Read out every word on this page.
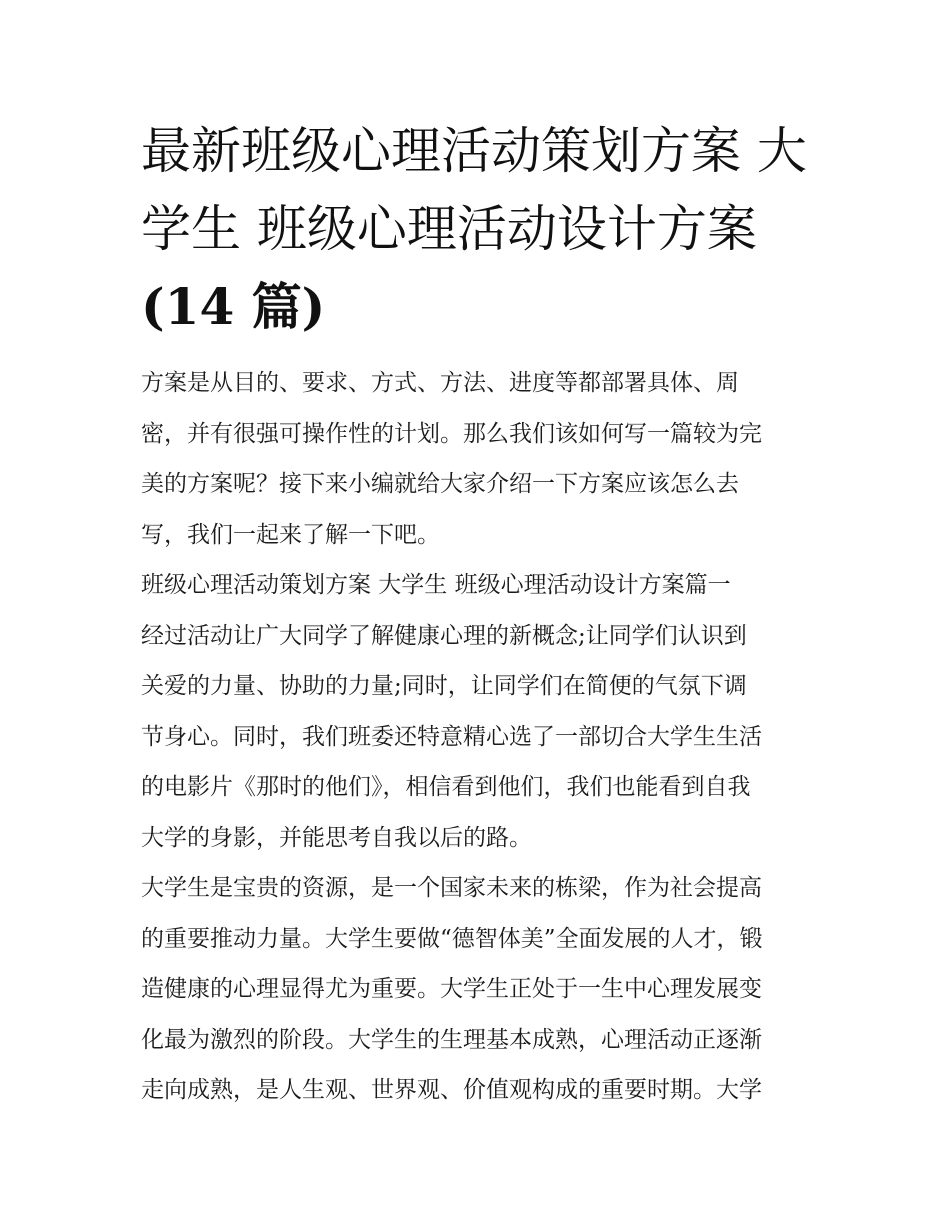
最新班级心理活动策划方案 大
学生 班级心理活动设计方案
(14 篇)
方案是从目的、要求、方式、方法、进度等都部署具体、周
密，并有很强可操作性的计划。那么我们该如何写一篇较为完
美的方案呢？接下来小编就给大家介绍一下方案应该怎么去
写，我们一起来了解一下吧。
班级心理活动策划方案 大学生 班级心理活动设计方案篇一
经过活动让广大同学了解健康心理的新概念;让同学们认识到
关爱的力量、协助的力量;同时，让同学们在简便的气氛下调
节身心。同时，我们班委还特意精心选了一部切合大学生生活
的电影片《那时的他们》，相信看到他们，我们也能看到自我
大学的身影，并能思考自我以后的路。
大学生是宝贵的资源，是一个国家未来的栋梁，作为社会提高
的重要推动力量。大学生要做“德智体美”全面发展的人才，锻
造健康的心理显得尤为重要。大学生正处于一生中心理发展变
化最为激烈的阶段。大学生的生理基本成熟，心理活动正逐渐
走向成熟，是人生观、世界观、价值观构成的重要时期。大学
